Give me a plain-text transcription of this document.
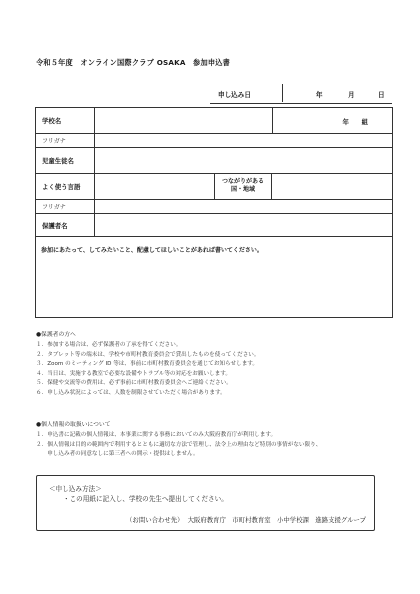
令和５年度　オンライン国際クラブ OSAKA　参加申込書
申し込み日	年	月	日
学校名	年　　組
フリガナ
児童生徒名
よく使う言語
つながりがある
国・地域
フリガナ
保護者名
参加にあたって、してみたいこと、配慮してほしいことがあれば書いてください。
●保護者の方へ
１．参加する場合は、必ず保護者の了承を得てください。
２．タブレット等の端末は、学校や市町村教育委員会で貸出したものを使ってください。
３．Zoom のミーティング ID 等は、事前に市町村教育委員会を通じてお知らせします。
４．当日は、実施する教室で必要な設備やトラブル等の対応をお願いします。
５．保健や交流等の費用は、必ず事前に市町村教育委員会へご連絡ください。
６．申し込み状況によっては、人数を制限させていただく場合があります。
●個人情報の取扱いについて
１．申込書に記載の個人情報は、本事業に関する事務においてのみ大阪府教育庁が利用します。
２．個人情報は目的の範囲内で利用するとともに適切な方法で管理し、法令上の理由など特別の事情がない限り、
　　申し込み者の同意なしに第三者への開示・提供はしません。
＜申し込み方法＞
・この用紙に記入し、学校の先生へ提出してください。
（お問い合わせ先） 大阪府教育庁　市町村教育室　小中学校課　進路支援グループ
